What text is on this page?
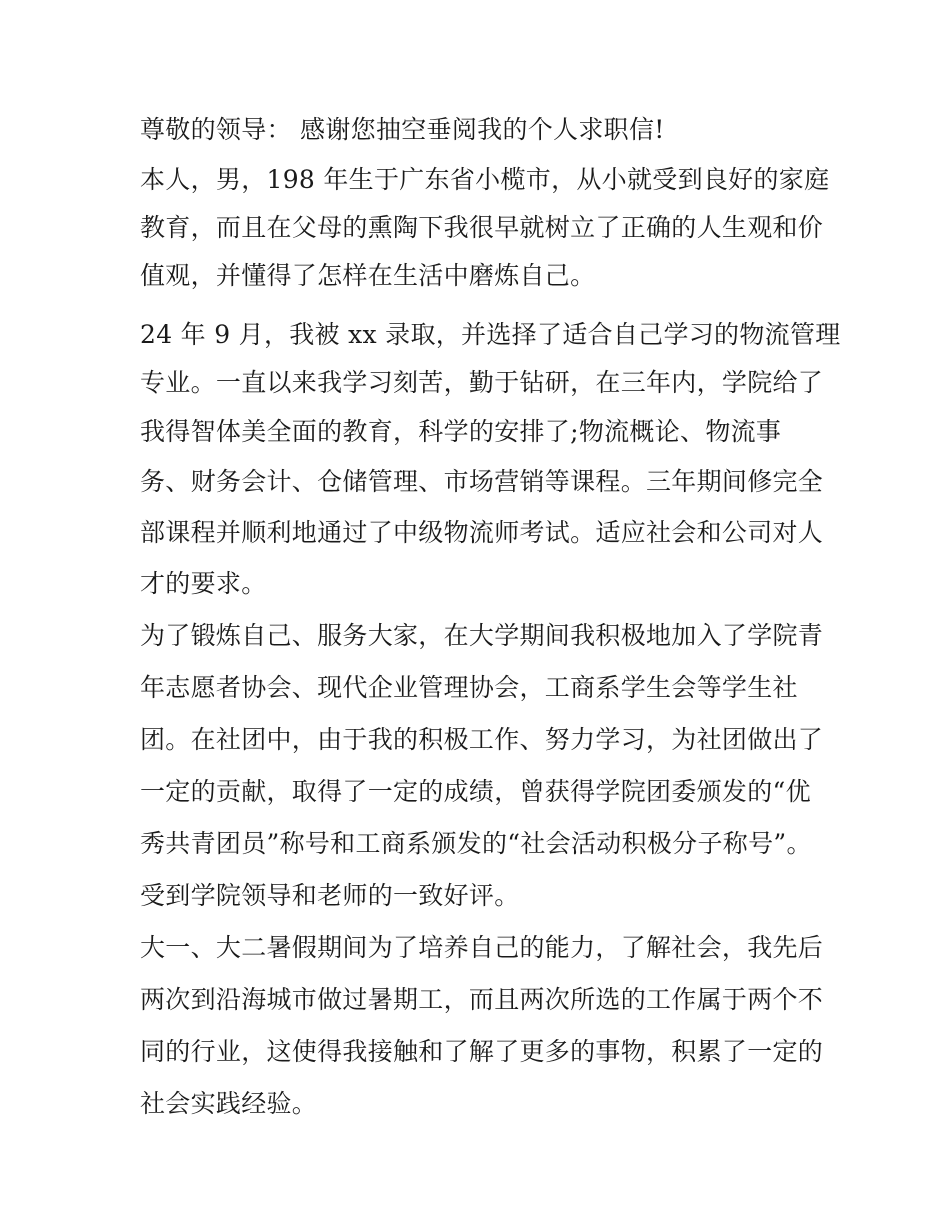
尊敬的领导： 感谢您抽空垂阅我的个人求职信!
本人，男，198 年生于广东省小榄市，从小就受到良好的家庭
教育，而且在父母的熏陶下我很早就树立了正确的人生观和价
值观，并懂得了怎样在生活中磨炼自己。
24 年 9 月，我被 xx 录取，并选择了适合自己学习的物流管理
专业。一直以来我学习刻苦，勤于钻研，在三年内，学院给了
我得智体美全面的教育，科学的安排了;物流概论、物流事
务、财务会计、仓储管理、市场营销等课程。三年期间修完全
部课程并顺利地通过了中级物流师考试。适应社会和公司对人
才的要求。
为了锻炼自己、服务大家，在大学期间我积极地加入了学院青
年志愿者协会、现代企业管理协会，工商系学生会等学生社
团。在社团中，由于我的积极工作、努力学习，为社团做出了
一定的贡献，取得了一定的成绩，曾获得学院团委颁发的“优
秀共青团员”称号和工商系颁发的“社会活动积极分子称号”。
受到学院领导和老师的一致好评。
大一、大二暑假期间为了培养自己的能力，了解社会，我先后
两次到沿海城市做过暑期工，而且两次所选的工作属于两个不
同的行业，这使得我接触和了解了更多的事物，积累了一定的
社会实践经验。
